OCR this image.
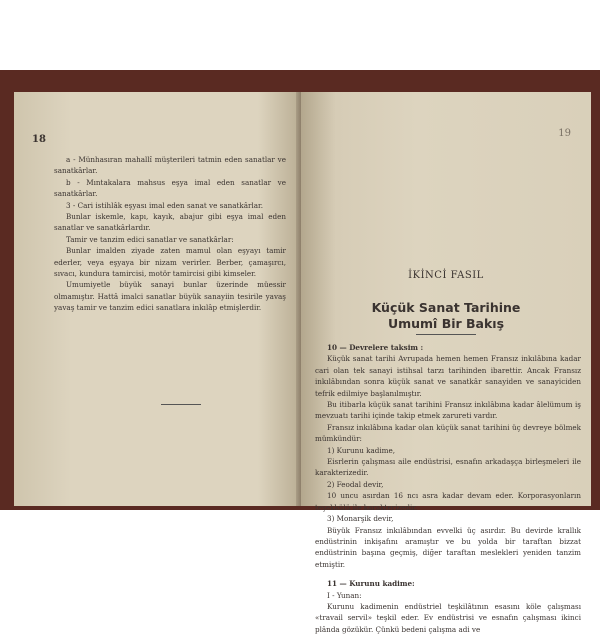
18

a - Münhasıran mahallî müşterileri tatmin eden sanatlar ve sanatkârlar.

b - Mıntakalara mahsus eşya imal eden sanatlar ve sanatkârlar.

3 - Cari istihlâk eşyası imal eden sanat ve sanatkârlar.

Bunlar iskemle, kapı, kayık, abajur gibi eşya imal eden sanatlar ve sanatkârlardır.

Tamir ve tanzim edici sanatlar ve sanatkârlar:

Bunlar imalden ziyade zaten mamul olan eşyayı tamir ederler, veya eşyaya bir nizam verirler. Berber, çamaşırcı, sıvacı, kundura tamircisi, motör tamircisi gibi kimseler.

Umumiyetle büyük sanayi bunlar üzerinde müessir olmamıştır. Hattâ imalci sanatlar büyük sanayiin tesirile yavaş yavaş tamir ve tanzim edici sanatlara inkılâp etmişlerdir.

19
İKİNCİ FASIL
Küçük Sanat Tarihine
Umumî Bir Bakış

10 — Devrelere taksim :

Küçük sanat tarihi Avrupada hemen hemen Fransız inkılâbına kadar cari olan tek sanayi istihsal tarzı tarihinden ibarettir. Ancak Fransız inkılâbından sonra küçük sanat ve sanatkâr sanayiden ve sanayiciden tefrik edilmiye başlanılmıştır.

Bu itibarla küçük sanat tarihini Fransız inkılâbına kadar âlelümum iş mevzuatı tarihi içinde takip etmek zarureti vardır.

Fransız inkılâbına kadar olan küçük sanat tarihini üç devreye bölmek mümkündür:

1) Kurunu kadime,

Eisrlerin çalışması aile endüstrisi, esnafın arkadaşça birleşmeleri ile karakterizedir.

2) Feodal devir,

10 uncu asırdan 16 ncı asra kadar devam eder. Korporasyonların teşekkülü ile karakterizedir.

3) Monarşik devir,

Büyük Fransız inkılâbından evvelki üç asırdır. Bu devirde krallık endüstrinin inkişafını aramıştır ve bu yolda bir taraftan bizzat endüstrinin başına geçmiş, diğer taraftan meslekleri yeniden tanzim etmiştir.

11 — Kurunu kadime:

I - Yunan:

Kurunu kadimenin endüstriel teşkilâtının esasını köle çalışması «travail servil» teşkil eder. Ev endüstrisi ve esnafın çalışması ikinci plânda gözükür. Çünkü bedeni çalışma adi ve
